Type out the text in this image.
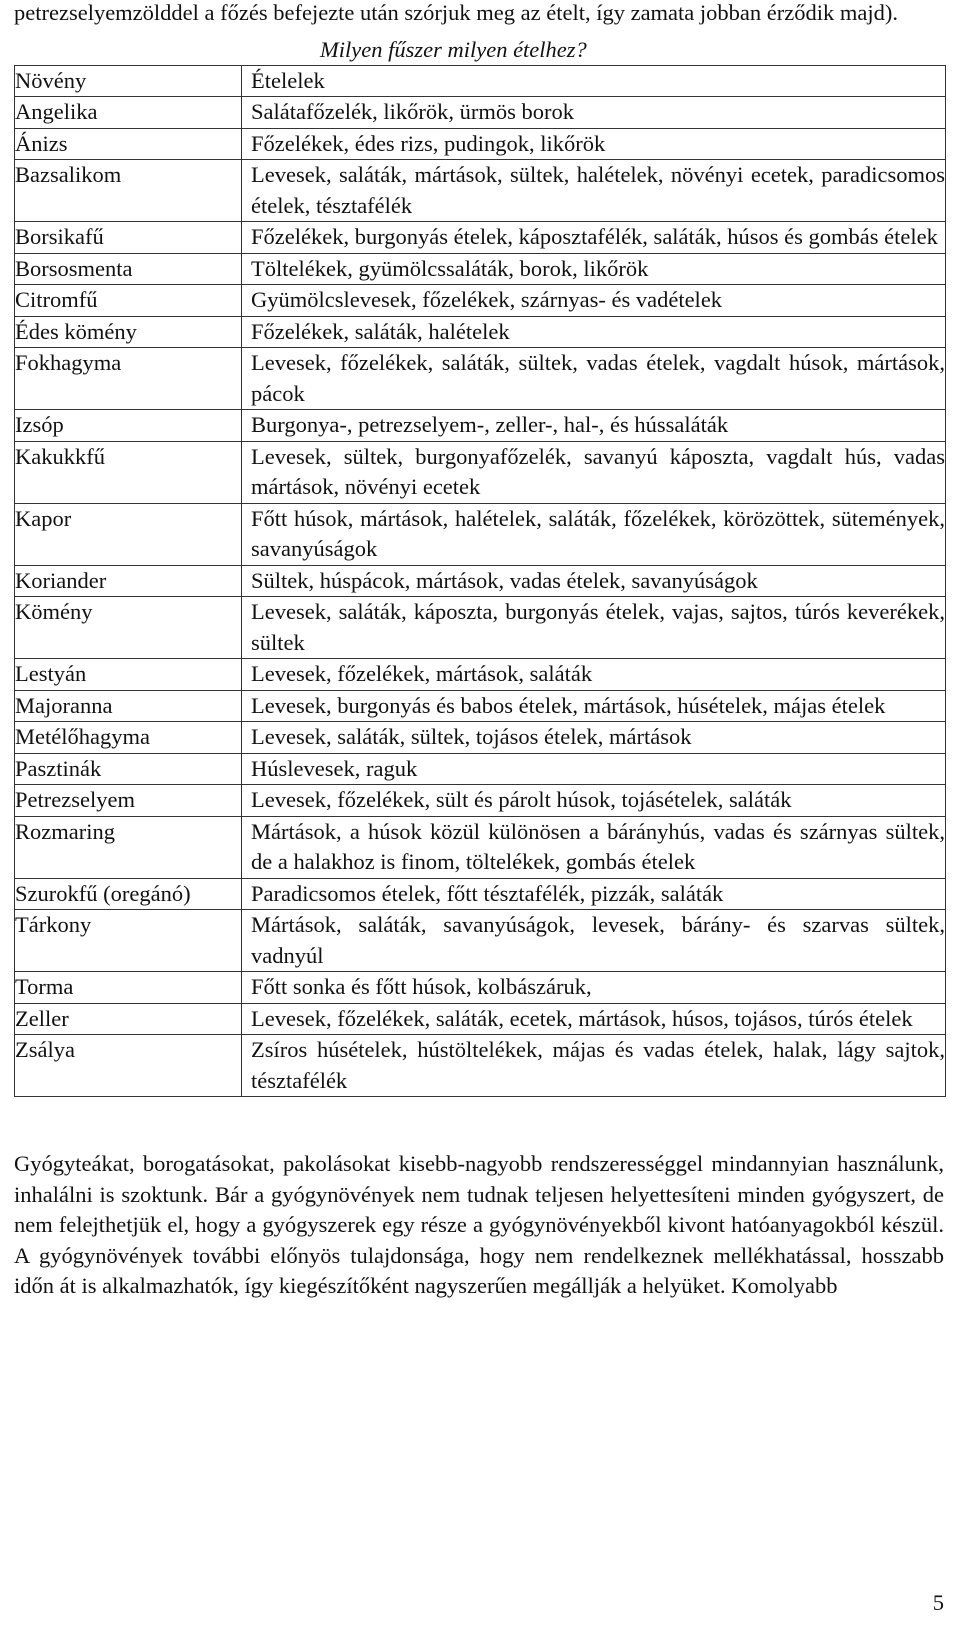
petrezselyemzölddel a főzés befejezte után szórjuk meg az ételt, így zamata jobban érződik majd).

Milyen fűszer milyen ételhez?

Növény	Ételelek
Angelika	Salátafőzelék, likőrök, ürmös borok
Ánizs	Főzelékek, édes rizs, pudingok, likőrök
Bazsalikom	Levesek, saláták, mártások, sültek, halételek, növényi ecetek, paradicsomos ételek, tésztafélék
Borsikafű	Főzelékek, burgonyás ételek, káposztafélék, saláták, húsos és gombás ételek
Borsosmenta	Töltelékek, gyümölcssaláták, borok, likőrök
Citromfű	Gyümölcslevesek, főzelékek, szárnyas- és vadételek
Édes kömény	Főzelékek, saláták, halételek
Fokhagyma	Levesek, főzelékek, saláták, sültek, vadas ételek, vagdalt húsok, mártások, pácok
Izsóp	Burgonya-, petrezselyem-, zeller-, hal-, és hússaláták
Kakukkfű	Levesek, sültek, burgonyafőzelék, savanyú káposzta, vagdalt hús, vadas mártások, növényi ecetek
Kapor	Főtt húsok, mártások, halételek, saláták, főzelékek, körözöttek, sütemények, savanyúságok
Koriander	Sültek, húspácok, mártások, vadas ételek, savanyúságok
Kömény	Levesek, saláták, káposzta, burgonyás ételek, vajas, sajtos, túrós keverékek, sültek
Lestyán	Levesek, főzelékek, mártások, saláták
Majoranna	Levesek, burgonyás és babos ételek, mártások, húsételek, májas ételek
Metélőhagyma	Levesek, saláták, sültek, tojásos ételek, mártások
Pasztinák	Húslevesek, raguk
Petrezselyem	Levesek, főzelékek, sült és párolt húsok, tojásételek, saláták
Rozmaring	Mártások, a húsok közül különösen a bárányhús, vadas és szárnyas sültek, de a halakhoz is finom, töltelékek, gombás ételek
Szurokfű (oregánó)	Paradicsomos ételek, főtt tésztafélék, pizzák, saláták
Tárkony	Mártások, saláták, savanyúságok, levesek, bárány- és szarvas sültek, vadnyúl
Torma	Főtt sonka és főtt húsok, kolbászáruk,
Zeller	Levesek, főzelékek, saláták, ecetek, mártások, húsos, tojásos, túrós ételek
Zsálya	Zsíros húsételek, hústöltelékek, májas és vadas ételek, halak, lágy sajtok, tésztafélék

Gyógyteákat, borogatásokat, pakolásokat kisebb-nagyobb rendszerességgel mindannyian használunk, inhalálni is szoktunk. Bár a gyógynövények nem tudnak teljesen helyettesíteni minden gyógyszert, de nem felejthetjük el, hogy a gyógyszerek egy része a gyógynövényekből kivont hatóanyagokból készül. A gyógynövények további előnyös tulajdonsága, hogy nem rendelkeznek mellékhatással, hosszabb időn át is alkalmazhatók, így kiegészítőként nagyszerűen megállják a helyüket. Komolyabb

5
